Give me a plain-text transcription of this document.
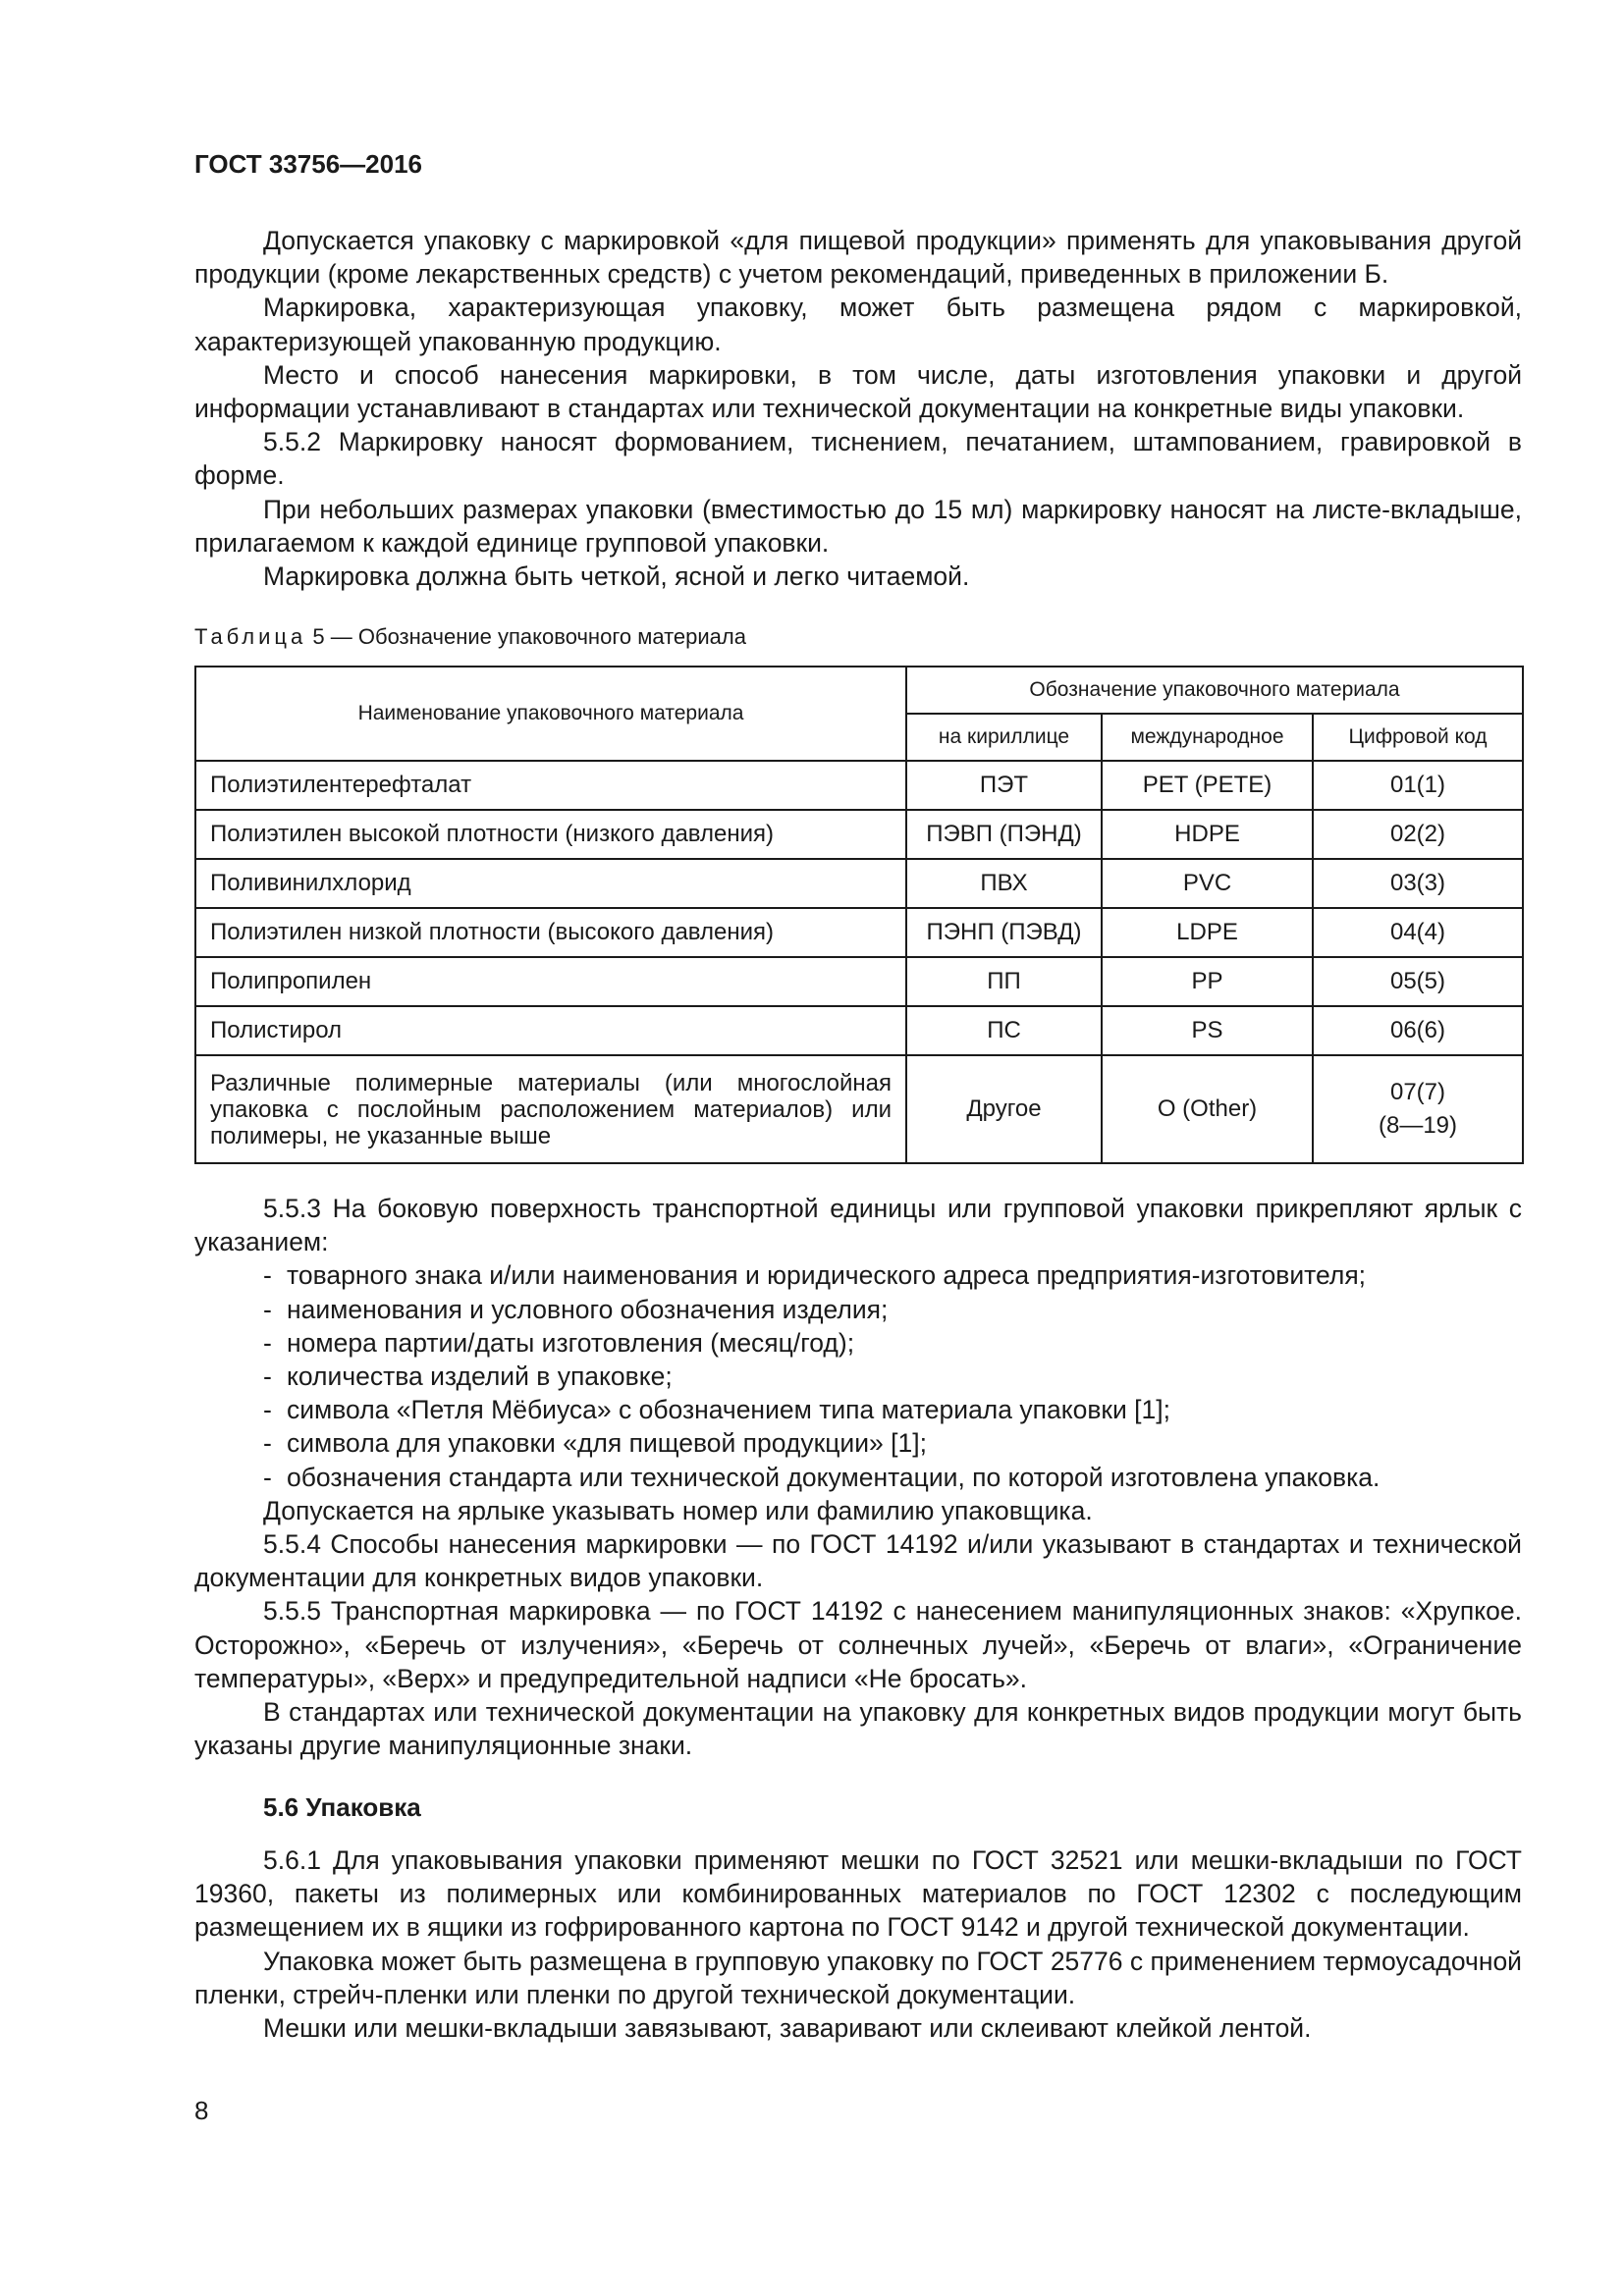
ГОСТ 33756—2016

Допускается упаковку с маркировкой «для пищевой продукции» применять для упаковывания другой продукции (кроме лекарственных средств) с учетом рекомендаций, приведенных в приложении Б.

Маркировка, характеризующая упаковку, может быть размещена рядом с маркировкой, характеризующей упакованную продукцию.

Место и способ нанесения маркировки, в том числе, даты изготовления упаковки и другой информации устанавливают в стандартах или технической документации на конкретные виды упаковки.

5.5.2 Маркировку наносят формованием, тиснением, печатанием, штампованием, гравировкой в форме.

При небольших размерах упаковки (вместимостью до 15 мл) маркировку наносят на листе-вкладыше, прилагаемом к каждой единице групповой упаковки.

Маркировка должна быть четкой, ясной и легко читаемой.

Таблица 5 — Обозначение упаковочного материала
Наименование упаковочного материала	Обозначение упаковочного материала		
	на кириллице	международное	Цифровой код
Полиэтилентерефталат	ПЭТ	PET (PETE)	01(1)
Полиэтилен высокой плотности (низкого давления)	ПЭВП (ПЭНД)	HDPE	02(2)
Поливинилхлорид	ПВХ	PVC	03(3)
Полиэтилен низкой плотности (высокого давления)	ПЭНП (ПЭВД)	LDPE	04(4)
Полипропилен	ПП	PP	05(5)
Полистирол	ПС	PS	06(6)
Различные полимерные материалы (или многослойная упаковка с послойным расположением материалов) или полимеры, не указанные выше	Другое	O (Other)	07(7)
(8—19)

5.5.3 На боковую поверхность транспортной единицы или групповой упаковки прикрепляют ярлык с указанием:

- товарного знака и/или наименования и юридического адреса предприятия-изготовителя;
- наименования и условного обозначения изделия;
- номера партии/даты изготовления (месяц/год);
- количества изделий в упаковке;
- символа «Петля Мёбиуса» с обозначением типа материала упаковки [1];
- символа для упаковки «для пищевой продукции» [1];
- обозначения стандарта или технической документации, по которой изготовлена упаковка.

Допускается на ярлыке указывать номер или фамилию упаковщика.

5.5.4 Способы нанесения маркировки — по ГОСТ 14192 и/или указывают в стандартах и технической документации для конкретных видов упаковки.

5.5.5 Транспортная маркировка — по ГОСТ 14192 с нанесением манипуляционных знаков: «Хрупкое. Осторожно», «Беречь от излучения», «Беречь от солнечных лучей», «Беречь от влаги», «Ограничение температуры», «Верх» и предупредительной надписи «Не бросать».

В стандартах или технической документации на упаковку для конкретных видов продукции могут быть указаны другие манипуляционные знаки.

5.6 Упаковка

5.6.1 Для упаковывания упаковки применяют мешки по ГОСТ 32521 или мешки-вкладыши по ГОСТ 19360, пакеты из полимерных или комбинированных материалов по ГОСТ 12302 с последующим размещением их в ящики из гофрированного картона по ГОСТ 9142 и другой технической документации.

Упаковка может быть размещена в групповую упаковку по ГОСТ 25776 с применением термоусадочной пленки, стрейч-пленки или пленки по другой технической документации.

Мешки или мешки-вкладыши завязывают, заваривают или склеивают клейкой лентой.

8
